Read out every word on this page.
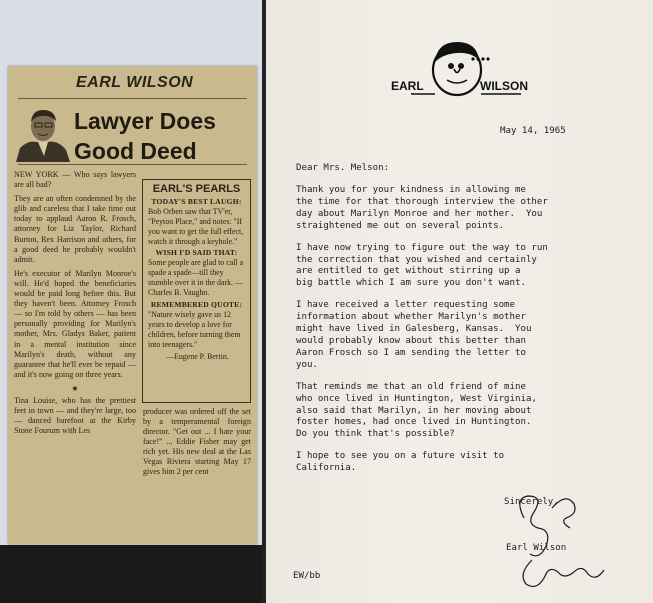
EARL WILSON
Lawyer Does
Good Deed

NEW YORK — Who says lawyers are all bad?

They are an often condemned by the glib and careless that I take time out today to applaud Aaron R. Frosch, attorney for Liz Taylor, Richard Burton, Rex Harrison and others, for a good deed he probably wouldn't admit.

He's executor of Marilyn Monroe's will. He'd hoped the beneficiaries would be paid long before this. But they haven't been. Attorney Frosch — so I'm told by others — has been personally providing for Marilyn's mother, Mrs. Gladys Baker, patient in a mental institution since Marilyn's death, without any guarantee that he'll ever be repaid — and it's now going on three years.

★

Tina Louise, who has the prettiest feet in town — and they're large, too — danced barefoot at the Kirby Stone Fourum with Les

EARL'S PEARLS
TODAY'S BEST LAUGH:
Bob Orben saw that TV'er, "Peyton Place," and notes: "If you want to get the full effect, watch it through a keyhole."
WISH I'D SAID THAT:
Some people are glad to call a spade a spade—till they stumble over it in the dark. — Charles B. Vaughn.
REMEMBERED QUOTE:
"Nature wisely gave us 12 years to develop a love for children, before turning them into teenagers."
—Eugene P. Bertin.
producer was ordered off the set by a temperamental foreign director. "Get out ... I hate your face!" ... Eddie Fisher may get rich yet. His new deal at the Las Vegas Riviera starting May 17 gives him 2 per cent
EARL	WILSON
May 14, 1965
Dear Mrs. Melson:

Thank you for your kindness in allowing me
the time for that thorough interview the other
day about Marilyn Monroe and her mother.  You
straightened me out on several points.

I have now trying to figure out the way to run
the correction that you wished and certainly
are entitled to get without stirring up a
big battle which I am sure you don't want.

I have received a letter requesting some
information about whether Marilyn's mother
might have lived in Galesberg, Kansas.  You
would probably know about this better than
Aaron Frosch so I am sending the letter to
you.

That reminds me that an old friend of mine
who once lived in Huntington, West Virginia,
also said that Marilyn, in her moving about
foster homes, had once lived in Huntington.
Do you think that's possible?

I hope to see you on a future visit to
California.

Sincerely,
Earl Wilson
EW/bb
